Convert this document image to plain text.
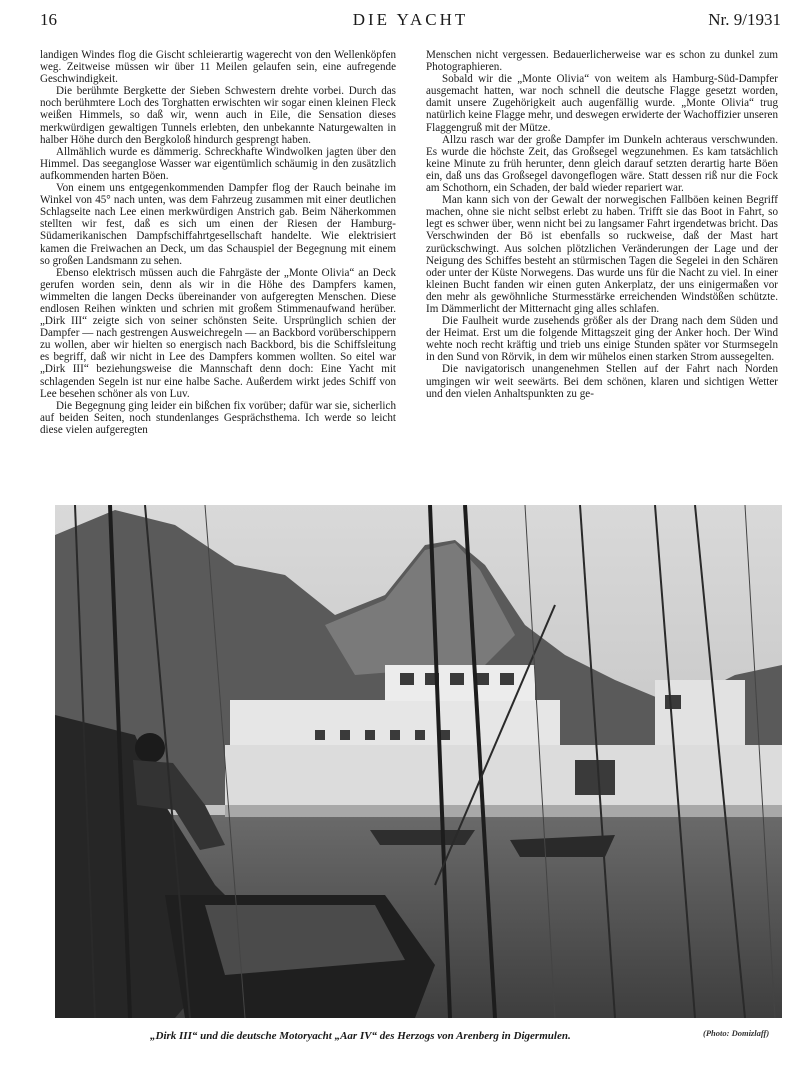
16	DIE YACHT	Nr. 9/1931

landigen Windes flog die Gischt schleierartig wagerecht von den Wellenköpfen weg. Zeitweise müssen wir über 11 Meilen gelaufen sein, eine aufregende Geschwindigkeit.

Die berühmte Bergkette der Sieben Schwestern drehte vorbei. Durch das noch berühmtere Loch des Torghatten erwischten wir sogar einen kleinen Fleck weißen Himmels, so daß wir, wenn auch in Eile, die Sensation dieses merkwürdigen gewaltigen Tunnels erlebten, den unbekannte Naturgewalten in halber Höhe durch den Bergkoloß hindurch gesprengt haben.

Allmählich wurde es dämmerig. Schreckhafte Windwolken jagten über den Himmel. Das seeganglose Wasser war eigentümlich schäumig in den zusätzlich aufkommenden harten Böen.

Von einem uns entgegenkommenden Dampfer flog der Rauch beinahe im Winkel von 45° nach unten, was dem Fahrzeug zusammen mit einer deutlichen Schlagseite nach Lee einen merkwürdigen Anstrich gab. Beim Näherkommen stellten wir fest, daß es sich um einen der Riesen der Hamburg-Südamerikanischen Dampfschiffahrtgesellschaft handelte. Wie elektrisiert kamen die Freiwachen an Deck, um das Schauspiel der Begegnung mit einem so großen Landsmann zu sehen.

Ebenso elektrisch müssen auch die Fahrgäste der „Monte Olivia“ an Deck gerufen worden sein, denn als wir in die Höhe des Dampfers kamen, wimmelten die langen Decks übereinander von aufgeregten Menschen. Diese endlosen Reihen winkten und schrien mit großem Stimmenaufwand herüber. „Dirk III“ zeigte sich von seiner schönsten Seite. Ursprünglich schien der Dampfer — nach gestrengen Ausweichregeln — an Backbord vorüberschippern zu wollen, aber wir hielten so energisch nach Backbord, bis die Schiffsleitung es begriff, daß wir nicht in Lee des Dampfers kommen wollten. So eitel war „Dirk III“ beziehungsweise die Mannschaft denn doch: Eine Yacht mit schlagenden Segeln ist nur eine halbe Sache. Außerdem wirkt jedes Schiff von Lee besehen schöner als von Luv.

Die Begegnung ging leider ein bißchen fix vorüber; dafür war sie, sicherlich auf beiden Seiten, noch stundenlanges Gesprächsthema. Ich werde so leicht diese vielen aufgeregten

Menschen nicht vergessen. Bedauerlicherweise war es schon zu dunkel zum Photographieren.

Sobald wir die „Monte Olivia“ von weitem als Hamburg-Süd-Dampfer ausgemacht hatten, war noch schnell die deutsche Flagge gesetzt worden, damit unsere Zugehörigkeit auch augenfällig wurde. „Monte Olivia“ trug natürlich keine Flagge mehr, und deswegen erwiderte der Wachoffizier unseren Flaggengruß mit der Mütze.

Allzu rasch war der große Dampfer im Dunkeln achteraus verschwunden. Es wurde die höchste Zeit, das Großsegel wegzunehmen. Es kam tatsächlich keine Minute zu früh herunter, denn gleich darauf setzten derartig harte Böen ein, daß uns das Großsegel davongeflogen wäre. Statt dessen riß nur die Fock am Schothorn, ein Schaden, der bald wieder repariert war.

Man kann sich von der Gewalt der norwegischen Fallböen keinen Begriff machen, ohne sie nicht selbst erlebt zu haben. Trifft sie das Boot in Fahrt, so legt es schwer über, wenn nicht bei zu langsamer Fahrt irgendetwas bricht. Das Verschwinden der Bö ist ebenfalls so ruckweise, daß der Mast hart zurückschwingt. Aus solchen plötzlichen Veränderungen der Lage und der Neigung des Schiffes besteht an stürmischen Tagen die Segelei in den Schären oder unter der Küste Norwegens. Das wurde uns für die Nacht zu viel. In einer kleinen Bucht fanden wir einen guten Ankerplatz, der uns einigermaßen vor den mehr als gewöhnliche Sturmesstärke erreichenden Windstößen schützte. Im Dämmerlicht der Mitternacht ging alles schlafen.

Die Faulheit wurde zusehends größer als der Drang nach dem Süden und der Heimat. Erst um die folgende Mittagszeit ging der Anker hoch. Der Wind wehte noch recht kräftig und trieb uns einige Stunden später vor Sturmsegeln in den Sund von Rörvik, in dem wir mühelos einen starken Strom aussegelten.

Die navigatorisch unangenehmen Stellen auf der Fahrt nach Norden umgingen wir weit seewärts. Bei dem schönen, klaren und sichtigen Wetter und den vielen Anhaltspunkten zu ge-

„Dirk III“ und die deutsche Motoryacht „Aar IV“ des Herzogs von Arenberg in Digermulen.	(Photo: Domizlaff)
